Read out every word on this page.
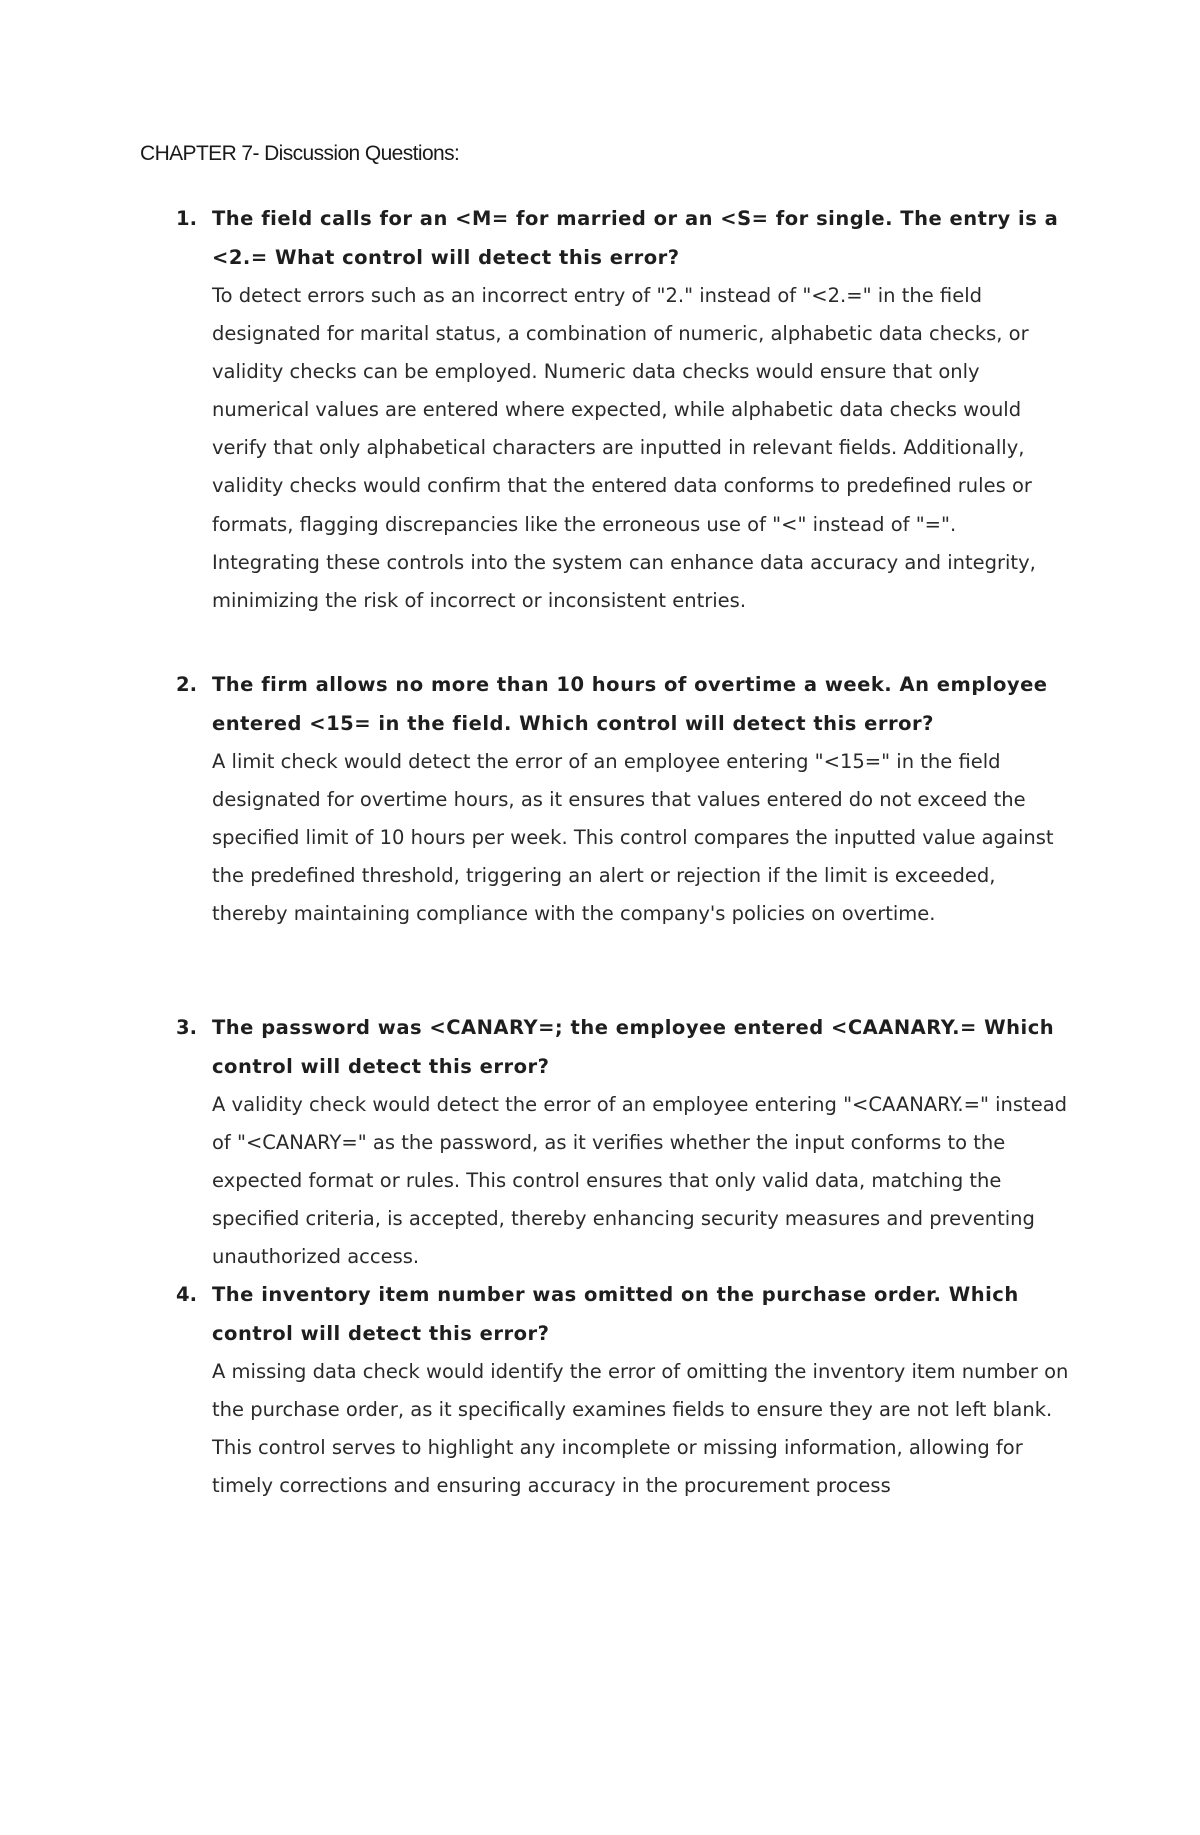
CHAPTER 7- Discussion Questions:
1. The field calls for an <M= for married or an <S= for single. The entry is a <2.= What control will detect this error?

To detect errors such as an incorrect entry of "2." instead of "<2.=" in the field designated for marital status, a combination of numeric, alphabetic data checks, or validity checks can be employed. Numeric data checks would ensure that only numerical values are entered where expected, while alphabetic data checks would verify that only alphabetical characters are inputted in relevant fields. Additionally, validity checks would confirm that the entered data conforms to predefined rules or formats, flagging discrepancies like the erroneous use of "<" instead of "=". Integrating these controls into the system can enhance data accuracy and integrity, minimizing the risk of incorrect or inconsistent entries.

2. The firm allows no more than 10 hours of overtime a week. An employee entered <15= in the field. Which control will detect this error?

A limit check would detect the error of an employee entering "<15=" in the field designated for overtime hours, as it ensures that values entered do not exceed the specified limit of 10 hours per week. This control compares the inputted value against the predefined threshold, triggering an alert or rejection if the limit is exceeded, thereby maintaining compliance with the company's policies on overtime.

3. The password was <CANARY=; the employee entered <CAANARY.= Which control will detect this error?

A validity check would detect the error of an employee entering "<CAANARY.=" instead of "<CANARY=" as the password, as it verifies whether the input conforms to the expected format or rules. This control ensures that only valid data, matching the specified criteria, is accepted, thereby enhancing security measures and preventing unauthorized access.

4. The inventory item number was omitted on the purchase order. Which control will detect this error?

A missing data check would identify the error of omitting the inventory item number on the purchase order, as it specifically examines fields to ensure they are not left blank. This control serves to highlight any incomplete or missing information, allowing for timely corrections and ensuring accuracy in the procurement process
